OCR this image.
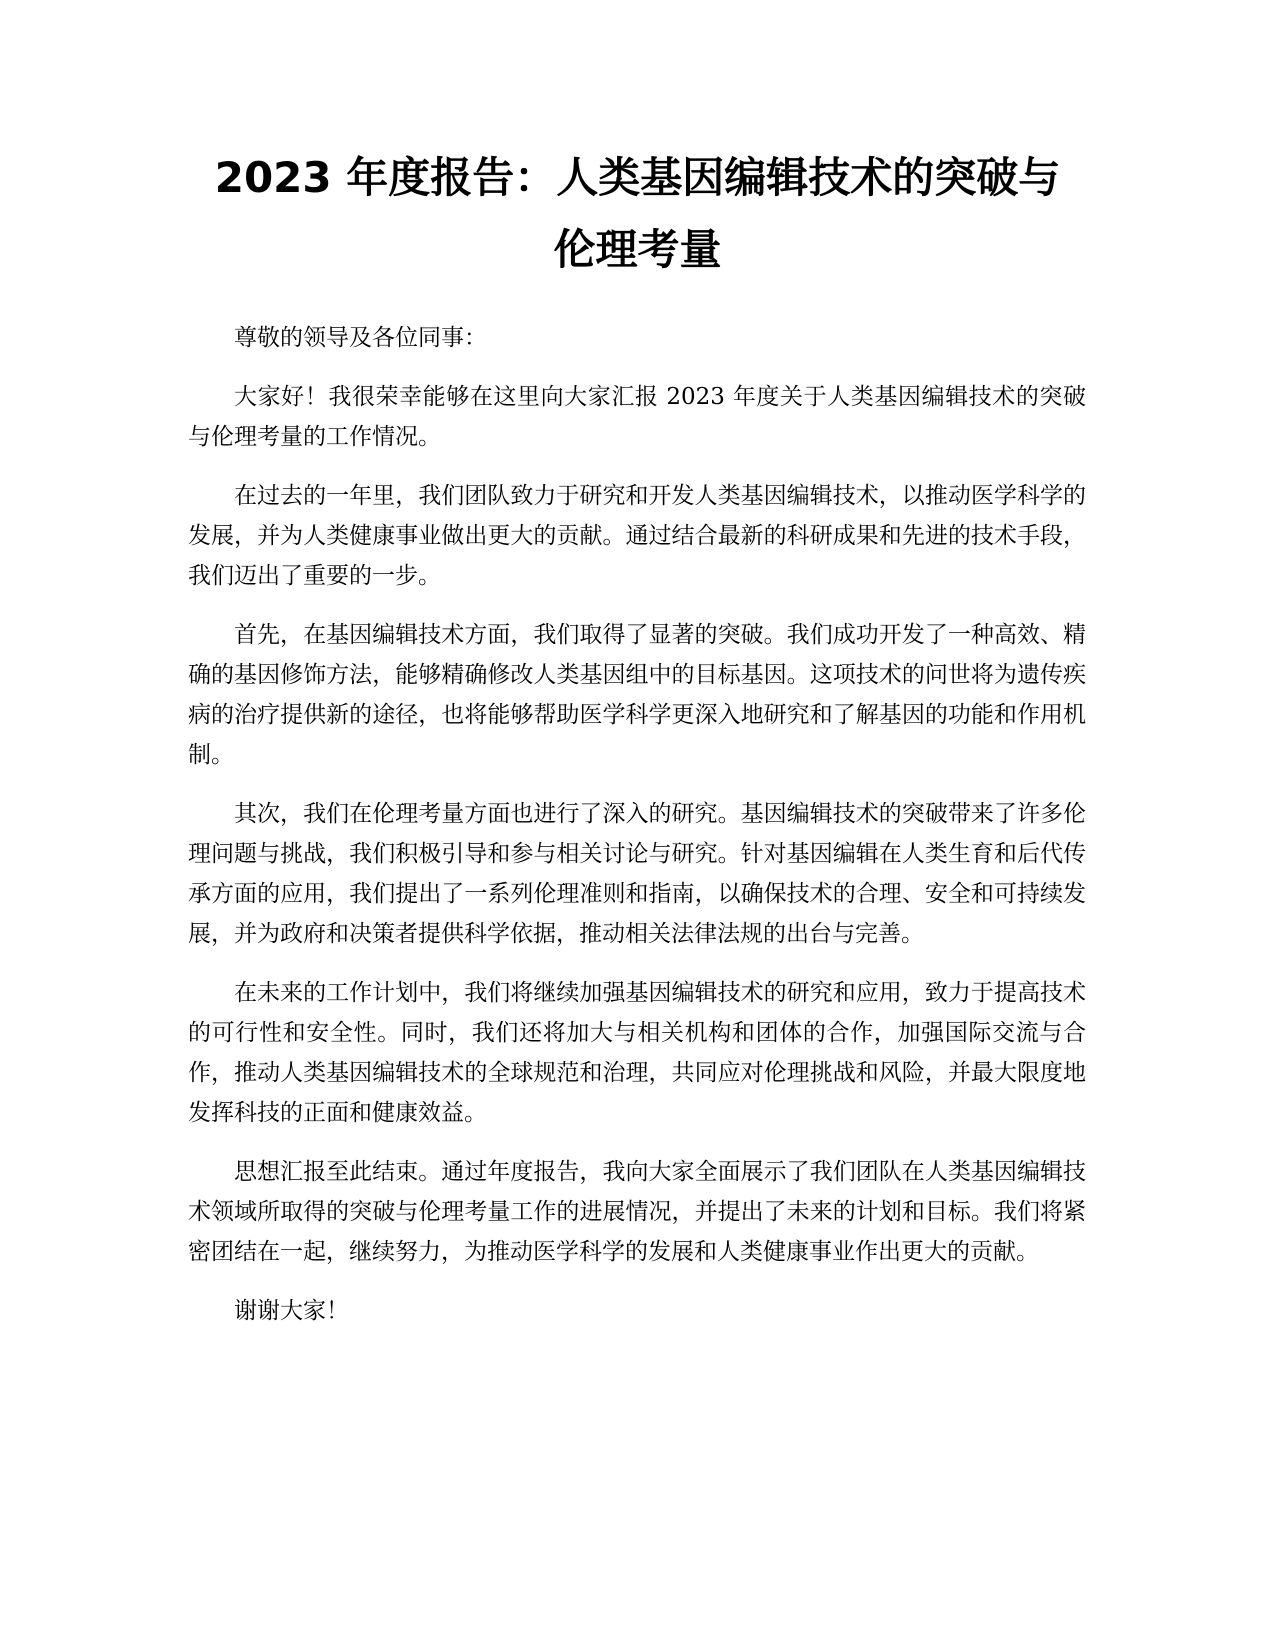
2023 年度报告：人类基因编辑技术的突破与
伦理考量

尊敬的领导及各位同事：

大家好！我很荣幸能够在这里向大家汇报 2023 年度关于人类基因编辑技术的突破与伦理考量的工作情况。

在过去的一年里，我们团队致力于研究和开发人类基因编辑技术，以推动医学科学的发展，并为人类健康事业做出更大的贡献。通过结合最新的科研成果和先进的技术手段，我们迈出了重要的一步。

首先，在基因编辑技术方面，我们取得了显著的突破。我们成功开发了一种高效、精确的基因修饰方法，能够精确修改人类基因组中的目标基因。这项技术的问世将为遗传疾病的治疗提供新的途径，也将能够帮助医学科学更深入地研究和了解基因的功能和作用机制。

其次，我们在伦理考量方面也进行了深入的研究。基因编辑技术的突破带来了许多伦理问题与挑战，我们积极引导和参与相关讨论与研究。针对基因编辑在人类生育和后代传承方面的应用，我们提出了一系列伦理准则和指南，以确保技术的合理、安全和可持续发展，并为政府和决策者提供科学依据，推动相关法律法规的出台与完善。

在未来的工作计划中，我们将继续加强基因编辑技术的研究和应用，致力于提高技术的可行性和安全性。同时，我们还将加大与相关机构和团体的合作，加强国际交流与合作，推动人类基因编辑技术的全球规范和治理，共同应对伦理挑战和风险，并最大限度地发挥科技的正面和健康效益。

思想汇报至此结束。通过年度报告，我向大家全面展示了我们团队在人类基因编辑技术领域所取得的突破与伦理考量工作的进展情况，并提出了未来的计划和目标。我们将紧密团结在一起，继续努力，为推动医学科学的发展和人类健康事业作出更大的贡献。

谢谢大家！
